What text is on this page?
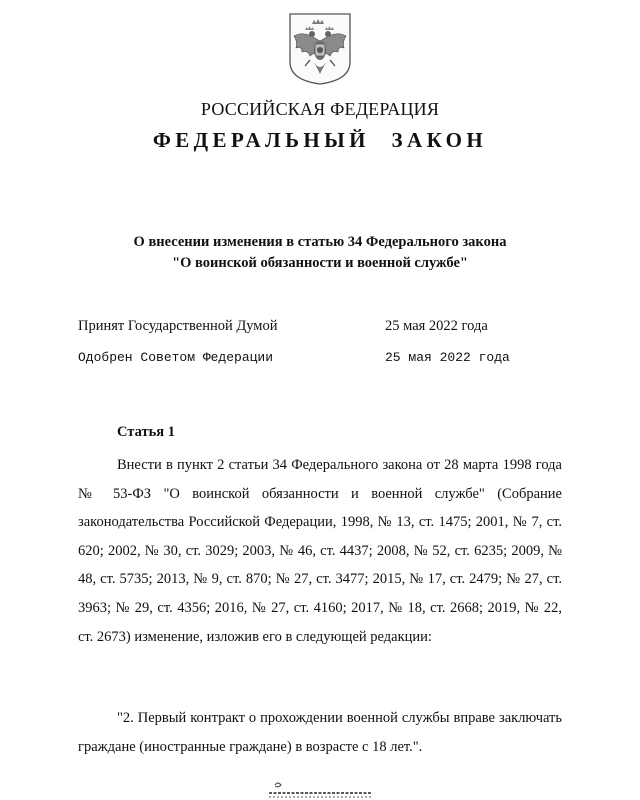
РОССИЙСКАЯ ФЕДЕРАЦИЯ
ФЕДЕРАЛЬНЫЙ ЗАКОН
О внесении изменения в статью 34 Федерального закона
"О воинской обязанности и военной службе"
Принят Государственной Думой	25 мая 2022 года
Одобрен Советом Федерации	25 мая 2022 года
Статья 1

Внести в пункт 2 статьи 34 Федерального закона от 28 марта 1998 года № 53-ФЗ "О воинской обязанности и военной службе" (Собрание законодательства Российской Федерации, 1998, № 13, ст. 1475; 2001, № 7, ст. 620; 2002, № 30, ст. 3029; 2003, № 46, ст. 4437; 2008, № 52, ст. 6235; 2009, № 48, ст. 5735; 2013, № 9, ст. 870; № 27, ст. 3477; 2015, № 17, ст. 2479; № 27, ст. 3963; № 29, ст. 4356; 2016, № 27, ст. 4160; 2017, № 18, ст. 2668; 2019, № 22, ст. 2673) изменение, изложив его в следующей редакции:

"2. Первый контракт о прохождении военной службы вправе заключать граждане (иностранные граждане) в возрасте с 18 лет.".
